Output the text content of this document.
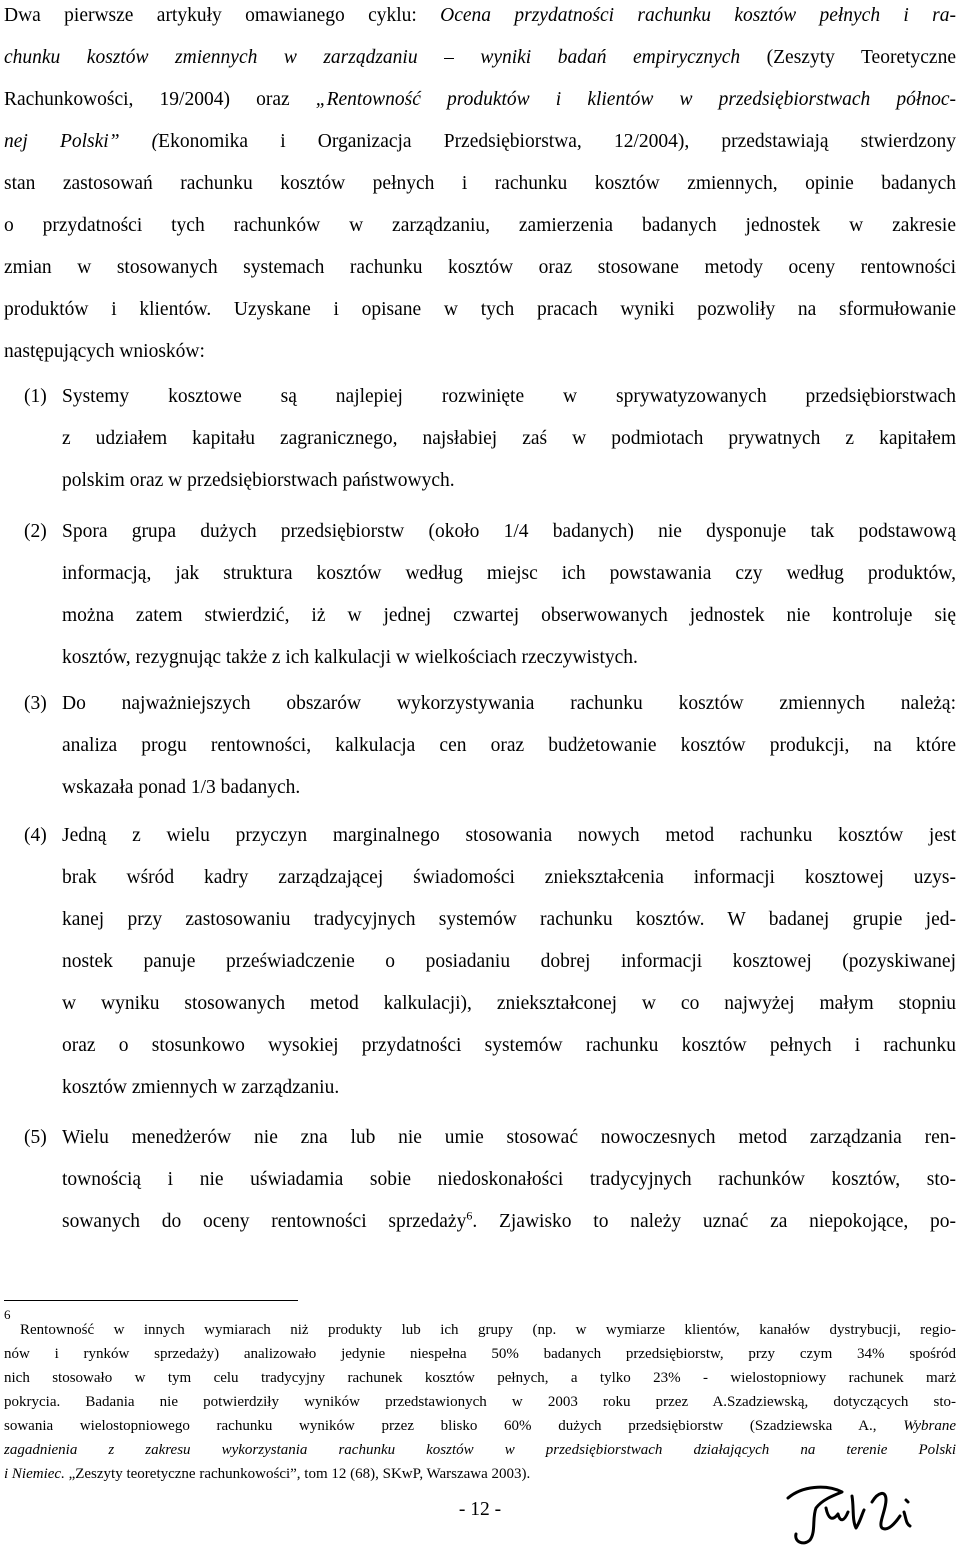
Dwa pierwsze artykuły omawianego cyklu: Ocena przydatności rachunku kosztów pełnych i ra-
chunku kosztów zmiennych w zarządzaniu – wyniki badań empirycznych (Zeszyty Teoretyczne
Rachunkowości, 19/2004) oraz „Rentowność produktów i klientów w przedsiębiorstwach północ-
nej Polski” (Ekonomika i Organizacja Przedsiębiorstwa, 12/2004), przedstawiają stwierdzony
stan zastosowań rachunku kosztów pełnych i rachunku kosztów zmiennych, opinie badanych
o przydatności tych rachunków w zarządzaniu, zamierzenia badanych jednostek w zakresie
zmian w stosowanych systemach rachunku kosztów oraz stosowane metody oceny rentowności
produktów i klientów. Uzyskane i opisane w tych pracach wyniki pozwoliły na sformułowanie
następujących wniosków:
(1) Systemy kosztowe są najlepiej rozwinięte w sprywatyzowanych przedsiębiorstwach
z udziałem kapitału zagranicznego, najsłabiej zaś w podmiotach prywatnych z kapitałem
polskim oraz w przedsiębiorstwach państwowych.
(2) Spora grupa dużych przedsiębiorstw (około 1/4 badanych) nie dysponuje tak podstawową
informacją, jak struktura kosztów według miejsc ich powstawania czy według produktów,
można zatem stwierdzić, iż w jednej czwartej obserwowanych jednostek nie kontroluje się
kosztów, rezygnując także z ich kalkulacji w wielkościach rzeczywistych.
(3) Do najważniejszych obszarów wykorzystywania rachunku kosztów zmiennych należą:
analiza progu rentowności, kalkulacja cen oraz budżetowanie kosztów produkcji, na które
wskazała ponad 1/3 badanych.
(4) Jedną z wielu przyczyn marginalnego stosowania nowych metod rachunku kosztów jest
brak wśród kadry zarządzającej świadomości zniekształcenia informacji kosztowej uzys-
kanej przy zastosowaniu tradycyjnych systemów rachunku kosztów. W badanej grupie jed-
nostek panuje przeświadczenie o posiadaniu dobrej informacji kosztowej (pozyskiwanej
w wyniku stosowanych metod kalkulacji), zniekształconej w co najwyżej małym stopniu
oraz o stosunkowo wysokiej przydatności systemów rachunku kosztów pełnych i rachunku
kosztów zmiennych w zarządzaniu.
(5) Wielu menedżerów nie zna lub nie umie stosować nowoczesnych metod zarządzania ren-
townością i nie uświadamia sobie niedoskonałości tradycyjnych rachunków kosztów, sto-
sowanych do oceny rentowności sprzedaży$^6$. Zjawisko to należy uznać za niepokojące, po-
6
Rentowność w innych wymiarach niż produkty lub ich grupy (np. w wymiarze klientów, kanałów dystrybucji, regio-
nów i rynków sprzedaży) analizowało jedynie niespełna 50% badanych przedsiębiorstw, przy czym 34% spośród
nich stosowało w tym celu tradycyjny rachunek kosztów pełnych, a tylko 23% - wielostopniowy rachunek marż
pokrycia. Badania nie potwierdziły wyników przedstawionych w 2003 roku przez A.Szadziewską, dotyczących sto-
sowania wielostopniowego rachunku wyników przez blisko 60% dużych przedsiębiorstw (Szadziewska A., Wybrane
zagadnienia z zakresu wykorzystania rachunku kosztów w przedsiębiorstwach działających na terenie Polski
i Niemiec. „Zeszyty teoretyczne rachunkowości”, tom 12 (68), SKwP, Warszawa 2003).
- 12 -
